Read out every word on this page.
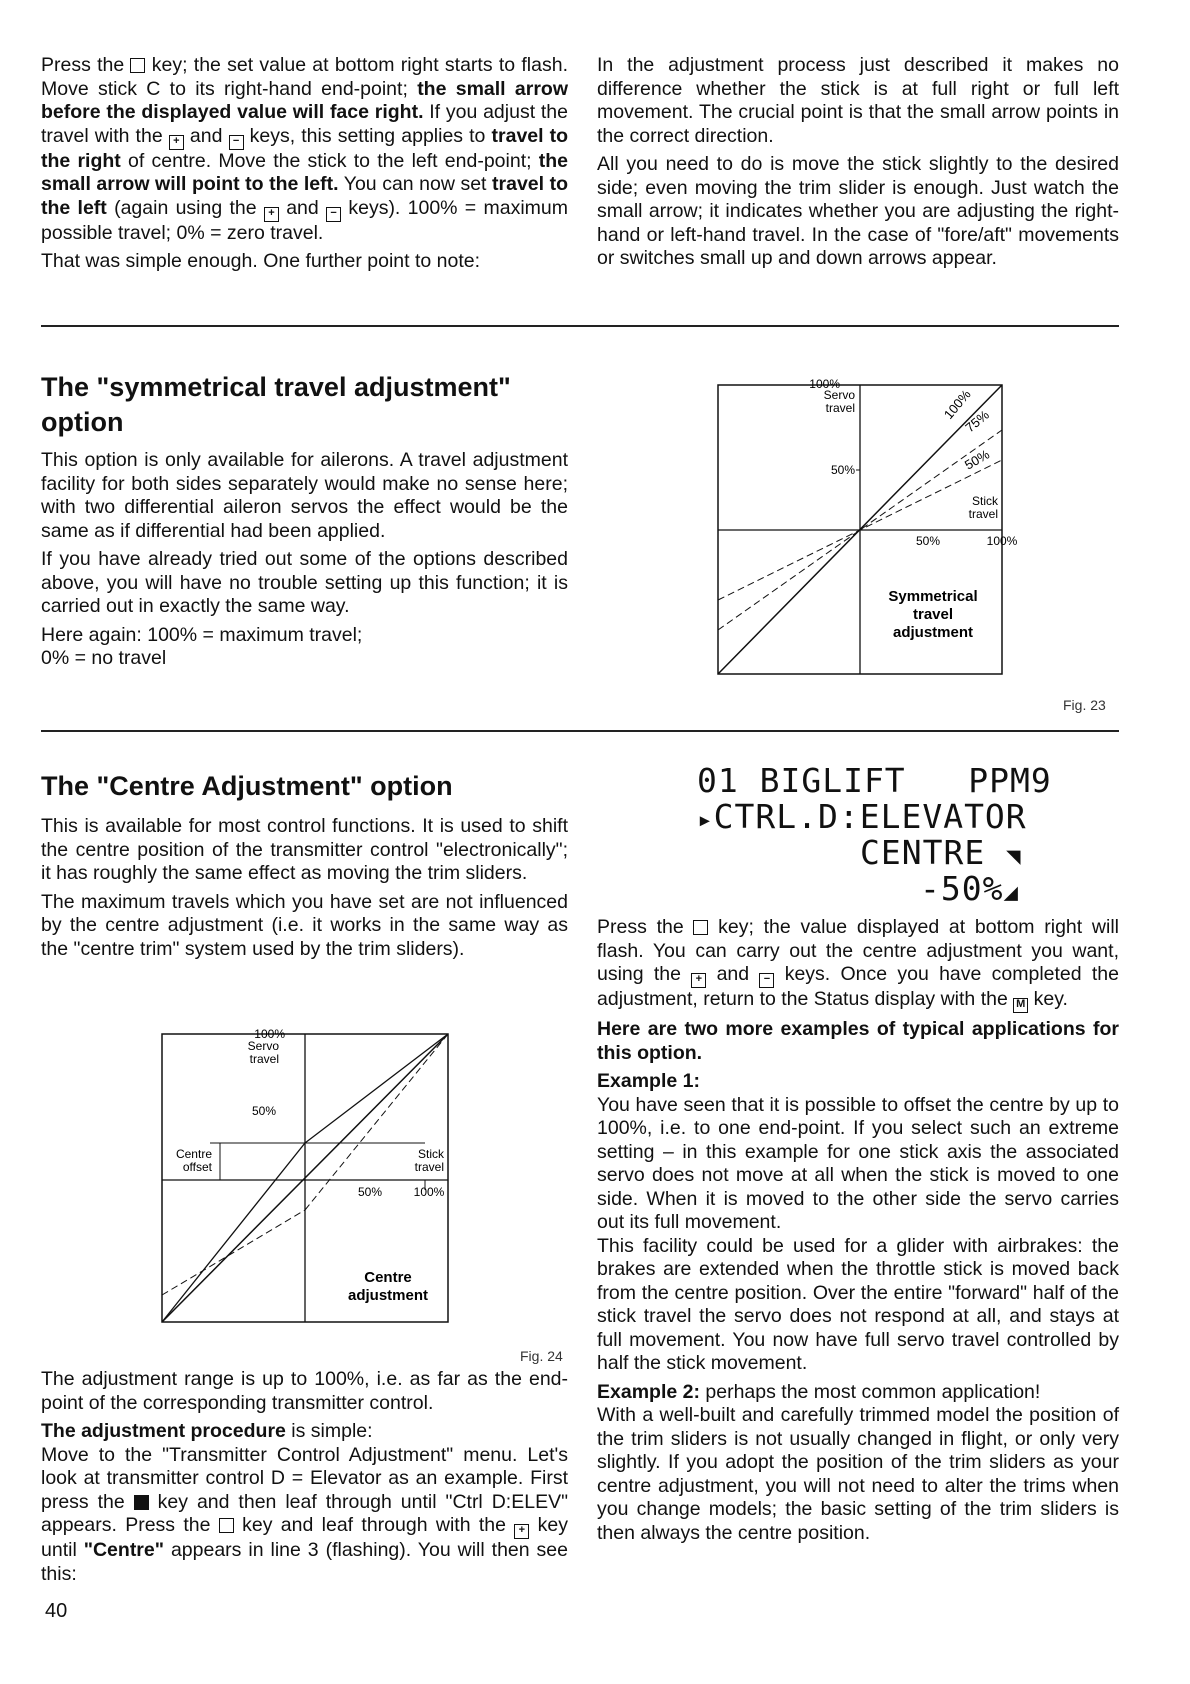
Press the key; the set value at bottom right starts to flash. Move stick C to its right-hand end-point; the small arrow before the displayed value will face right. If you adjust the travel with the + and − keys, this setting applies to travel to the right of centre. Move the stick to the left end-point; the small arrow will point to the left. You can now set travel to the left (again using the + and − keys). 100% = maximum possible travel; 0% = zero travel.

That was simple enough. One further point to note:

In the adjustment process just described it makes no difference whether the stick is at full right or full left movement. The crucial point is that the small arrow points in the correct direction.

All you need to do is move the stick slightly to the desired side; even moving the trim slider is enough. Just watch the small arrow; it indicates whether you are adjusting the right-hand or left-hand travel. In the case of "fore/aft" movements or switches small up and down arrows appear.

The "symmetrical travel adjustment" option

This option is only available for ailerons. A travel adjustment facility for both sides separately would make no sense here; with two differential aileron servos the effect would be the same as if differential had been applied.

If you have already tried out some of the options described above, you will have no trouble setting up this function; it is carried out in exactly the same way.

Here again: 100% = maximum travel;

0% = no travel

100%
Servo
travel
50%
100%
75%
50%
Stick
travel
50%	100%
Symmetrical
travel
adjustment
Fig. 23
The "Centre Adjustment" option

This is available for most control functions. It is used to shift the centre position of the transmitter control "electronically"; it has roughly the same effect as moving the trim sliders.

The maximum travels which you have set are not influenced by the centre adjustment (i.e. it works in the same way as the "centre trim" system used by the trim sliders).

100%
Servo
travel
50%
Centre
offset
Stick
travel
50%	100%
Centre
adjustment
Fig. 24

The adjustment range is up to 100%, i.e. as far as the end-point of the corresponding transmitter control.

The adjustment procedure is simple:

Move to the "Transmitter Control Adjustment" menu. Let's look at transmitter control D = Elevator as an example. First press the key and then leaf through until "Ctrl D:ELEV" appears. Press the key and leaf through with the + key until "Centre" appears in line 3 (flashing). You will then see this:

01 BIGLIFT   PPM9
▸CTRL.D:ELEVATOR
CENTRE ◥
-50%◢

Press the key; the value displayed at bottom right will flash. You can carry out the centre adjustment you want, using the + and − keys. Once you have completed the adjustment, return to the Status display with the M key.

Here are two more examples of typical applications for this option.

Example 1:

You have seen that it is possible to offset the centre by up to 100%, i.e. to one end-point. If you select such an extreme setting – in this example for one stick axis the associated servo does not move at all when the stick is moved to one side. When it is moved to the other side the servo carries out its full movement.

This facility could be used for a glider with airbrakes: the brakes are extended when the throttle stick is moved back from the centre position. Over the entire "forward" half of the stick travel the servo does not respond at all, and stays at full movement. You now have full servo travel controlled by half the stick movement.

Example 2: perhaps the most common application!

With a well-built and carefully trimmed model the position of the trim sliders is not usually changed in flight, or only very slightly. If you adopt the position of the trim sliders as your centre adjustment, you will not need to alter the trims when you change models; the basic setting of the trim sliders is then always the centre position.

40
